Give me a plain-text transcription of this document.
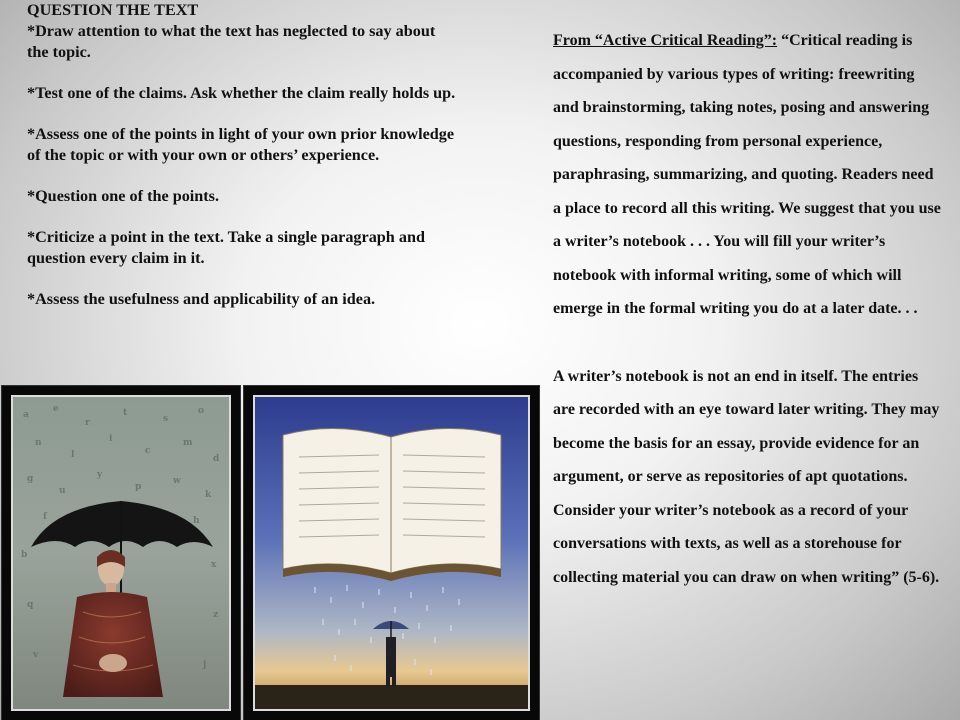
QUESTION THE TEXT

*Draw attention to what the text has neglected to say about the topic.

*Test one of the claims. Ask whether the claim really holds up.

*Assess one of the points in light of your own prior knowledge of the topic or with your own or others’ experience.

*Question one of the points.

*Criticize a point in the text. Take a single paragraph and question every claim in it.

*Assess the usefulness and applicability of an idea.

From “Active Critical Reading”: “Critical reading is accompanied by various types of writing: freewriting and brainstorming, taking notes, posing and answering questions, responding from personal experience, paraphrasing, summarizing, and quoting. Readers need a place to record all this writing. We suggest that you use a writer’s notebook . . . You will fill your writer’s notebook with informal writing, some of which will emerge in the formal writing you do at a later date. . .

A writer’s notebook is not an end in itself. The entries are recorded with an eye toward later writing. They may become the basis for an essay, provide evidence for an argument, or serve as repositories of apt quotations. Consider your writer’s notebook as a record of your conversations with texts, as well as a storehouse for collecting material you can draw on when writing” (5-6).

a
e
r
t
s
o
n
l
i
c
m
d
g
u
y
p
w
k
f	h
b
x
q
z
v
j
